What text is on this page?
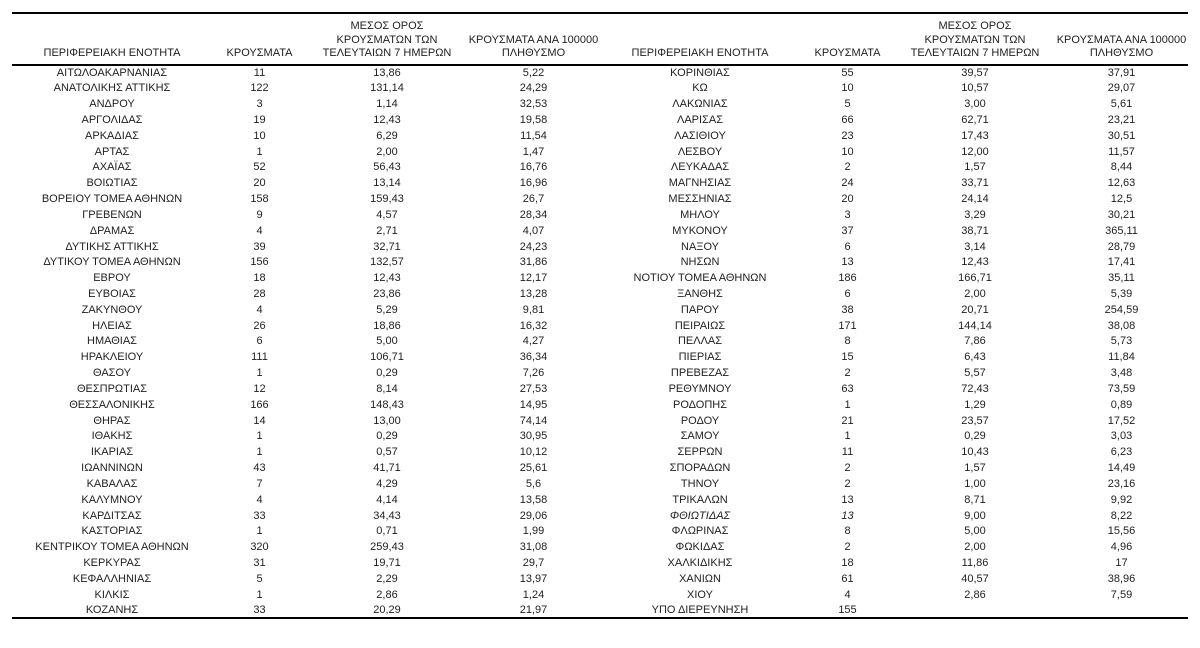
ΠΕΡΙΦΕΡΕΙΑΚΗ ΕΝΟΤΗΤΑ	ΚΡΟΥΣΜΑΤΑ

ΜΕΣΟΣ ΟΡΟΣ
ΚΡΟΥΣΜΑΤΩΝ ΤΩΝ
ΤΕΛΕΥΤΑΙΩΝ 7 ΗΜΕΡΩΝ

ΚΡΟΥΣΜΑΤΑ ΑΝΑ 100000
ΠΛΗΘΥΣΜΟ	ΠΕΡΙΦΕΡΕΙΑΚΗ ΕΝΟΤΗΤΑ	ΚΡΟΥΣΜΑΤΑ

ΜΕΣΟΣ ΟΡΟΣ
ΚΡΟΥΣΜΑΤΩΝ ΤΩΝ
ΤΕΛΕΥΤΑΙΩΝ 7 ΗΜΕΡΩΝ

ΚΡΟΥΣΜΑΤΑ ΑΝΑ 100000
ΠΛΗΘΥΣΜΟ

ΑΙΤΩΛΟΑΚΑΡΝΑΝΙΑΣ	11	13,86	5,22	ΚΟΡΙΝΘΙΑΣ	55	39,57	37,91
ΑΝΑΤΟΛΙΚΗΣ ΑΤΤΙΚΗΣ	122	131,14	24,29	ΚΩ	10	10,57	29,07
ΑΝΔΡΟΥ	3	1,14	32,53	ΛΑΚΩΝΙΑΣ	5	3,00	5,61
ΑΡΓΟΛΙΔΑΣ	19	12,43	19,58	ΛΑΡΙΣΑΣ	66	62,71	23,21
ΑΡΚΑΔΙΑΣ	10	6,29	11,54	ΛΑΣΙΘΙΟΥ	23	17,43	30,51
ΑΡΤΑΣ	1	2,00	1,47	ΛΕΣΒΟΥ	10	12,00	11,57
ΑΧΑΪΑΣ	52	56,43	16,76	ΛΕΥΚΑΔΑΣ	2	1,57	8,44
ΒΟΙΩΤΙΑΣ	20	13,14	16,96	ΜΑΓΝΗΣΙΑΣ	24	33,71	12,63
ΒΟΡΕΙΟΥ ΤΟΜΕΑ ΑΘΗΝΩΝ	158	159,43	26,7	ΜΕΣΣΗΝΙΑΣ	20	24,14	12,5
ΓΡΕΒΕΝΩΝ	9	4,57	28,34	ΜΗΛΟΥ	3	3,29	30,21
ΔΡΑΜΑΣ	4	2,71	4,07	ΜΥΚΟΝΟΥ	37	38,71	365,11
ΔΥΤΙΚΗΣ ΑΤΤΙΚΗΣ	39	32,71	24,23	ΝΑΞΟΥ	6	3,14	28,79
ΔΥΤΙΚΟΥ ΤΟΜΕΑ ΑΘΗΝΩΝ	156	132,57	31,86	ΝΗΣΩΝ	13	12,43	17,41
ΕΒΡΟΥ	18	12,43	12,17	ΝΟΤΙΟΥ ΤΟΜΕΑ ΑΘΗΝΩΝ	186	166,71	35,11
ΕΥΒΟΙΑΣ	28	23,86	13,28	ΞΑΝΘΗΣ	6	2,00	5,39
ΖΑΚΥΝΘΟΥ	4	5,29	9,81	ΠΑΡΟΥ	38	20,71	254,59
ΗΛΕΙΑΣ	26	18,86	16,32	ΠΕΙΡΑΙΩΣ	171	144,14	38,08
ΗΜΑΘΙΑΣ	6	5,00	4,27	ΠΕΛΛΑΣ	8	7,86	5,73
ΗΡΑΚΛΕΙΟΥ	111	106,71	36,34	ΠΙΕΡΙΑΣ	15	6,43	11,84
ΘΑΣΟΥ	1	0,29	7,26	ΠΡΕΒΕΖΑΣ	2	5,57	3,48
ΘΕΣΠΡΩΤΙΑΣ	12	8,14	27,53	ΡΕΘΥΜΝΟΥ	63	72,43	73,59
ΘΕΣΣΑΛΟΝΙΚΗΣ	166	148,43	14,95	ΡΟΔΟΠΗΣ	1	1,29	0,89
ΘΗΡΑΣ	14	13,00	74,14	ΡΟΔΟΥ	21	23,57	17,52
ΙΘΑΚΗΣ	1	0,29	30,95	ΣΑΜΟΥ	1	0,29	3,03
ΙΚΑΡΙΑΣ	1	0,57	10,12	ΣΕΡΡΩΝ	11	10,43	6,23
ΙΩΑΝΝΙΝΩΝ	43	41,71	25,61	ΣΠΟΡΑΔΩΝ	2	1,57	14,49
ΚΑΒΑΛΑΣ	7	4,29	5,6	ΤΗΝΟΥ	2	1,00	23,16
ΚΑΛΥΜΝΟΥ	4	4,14	13,58	ΤΡΙΚΑΛΩΝ	13	8,71	9,92
ΚΑΡΔΙΤΣΑΣ	33	34,43	29,06	ΦΘΙΩΤΙΔΑΣ	13	9,00	8,22
ΚΑΣΤΟΡΙΑΣ	1	0,71	1,99	ΦΛΩΡΙΝΑΣ	8	5,00	15,56
ΚΕΝΤΡΙΚΟΥ ΤΟΜΕΑ ΑΘΗΝΩΝ	320	259,43	31,08	ΦΩΚΙΔΑΣ	2	2,00	4,96
ΚΕΡΚΥΡΑΣ	31	19,71	29,7	ΧΑΛΚΙΔΙΚΗΣ	18	11,86	17
ΚΕΦΑΛΛΗΝΙΑΣ	5	2,29	13,97	ΧΑΝΙΩΝ	61	40,57	38,96
ΚΙΛΚΙΣ	1	2,86	1,24	ΧΙΟΥ	4	2,86	7,59
ΚΟΖΑΝΗΣ	33	20,29	21,97	ΥΠΟ ΔΙΕΡΕΥΝΗΣΗ	155		
